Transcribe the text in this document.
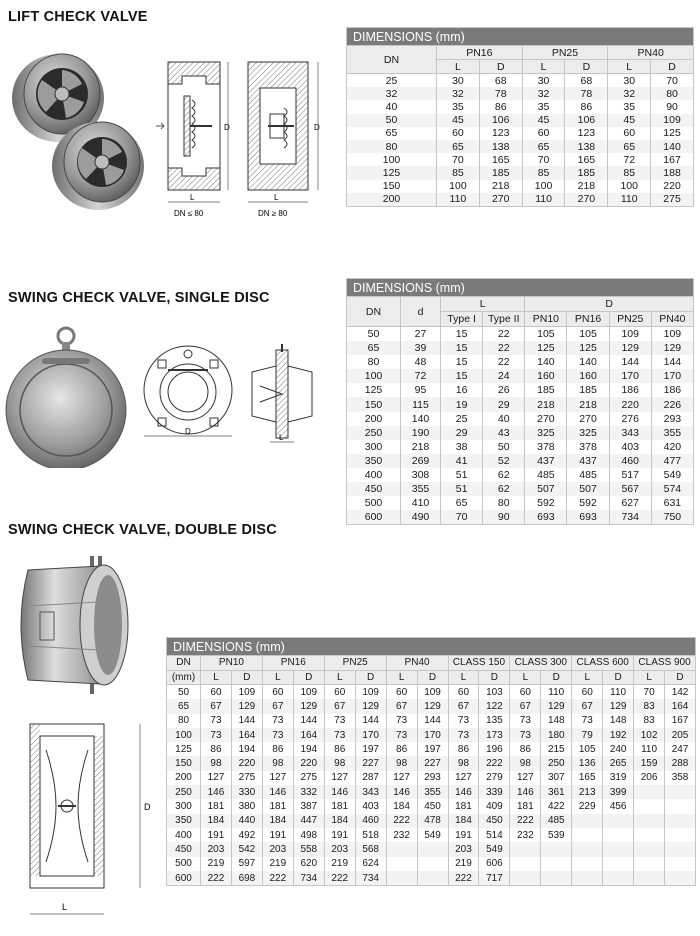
LIFT CHECK VALVE
D
L
DN ≤ 80
D
L
DN ≥ 80
DIMENSIONS (mm)						
DN	PN16		PN25		PN40	
	L	D	L	D	L	D
25	30	68	30	68	30	70
32	32	78	32	78	32	80
40	35	86	35	86	35	90
50	45	106	45	106	45	109
65	60	123	60	123	60	125
80	65	138	65	138	65	140
100	70	165	70	165	72	167
125	85	185	85	185	85	188
150	100	218	100	218	100	220
200	110	270	110	270	110	275
SWING CHECK VALVE, SINGLE DISC
D
L
DIMENSIONS (mm)							
DN	d	L		D			
		Type I	Type II	PN10	PN16	PN25	PN40
50	27	15	22	105	105	109	109
65	39	15	22	125	125	129	129
80	48	15	22	140	140	144	144
100	72	15	24	160	160	170	170
125	95	16	26	185	185	186	186
150	115	19	29	218	218	220	226
200	140	25	40	270	270	276	293
250	190	29	43	325	325	343	355
300	218	38	50	378	378	403	420
350	269	41	52	437	437	460	477
400	308	51	62	485	485	517	549
450	355	51	62	507	507	567	574
500	410	65	80	592	592	627	631
600	490	70	90	693	693	734	750
SWING CHECK VALVE, DOUBLE DISC
D
L
DIMENSIONS (mm)																
DN	PN10		PN16		PN25		PN40		CLASS 150		CLASS 300		CLASS 600		CLASS 900	
(mm)	L	D	L	D	L	D	L	D	L	D	L	D	L	D	L	D
50	60	109	60	109	60	109	60	109	60	103	60	110	60	110	70	142
65	67	129	67	129	67	129	67	129	67	122	67	129	67	129	83	164
80	73	144	73	144	73	144	73	144	73	135	73	148	73	148	83	167
100	73	164	73	164	73	170	73	170	73	173	73	180	79	192	102	205
125	86	194	86	194	86	197	86	197	86	196	86	215	105	240	110	247
150	98	220	98	220	98	227	98	227	98	222	98	250	136	265	159	288
200	127	275	127	275	127	287	127	293	127	279	127	307	165	319	206	358
250	146	330	146	332	146	343	146	355	146	339	146	361	213	399		
300	181	380	181	387	181	403	184	450	181	409	181	422	229	456		
350	184	440	184	447	184	460	222	478	184	450	222	485				
400	191	492	191	498	191	518	232	549	191	514	232	539				
450	203	542	203	558	203	568			203	549						
500	219	597	219	620	219	624			219	606						
600	222	698	222	734	222	734			222	717						
